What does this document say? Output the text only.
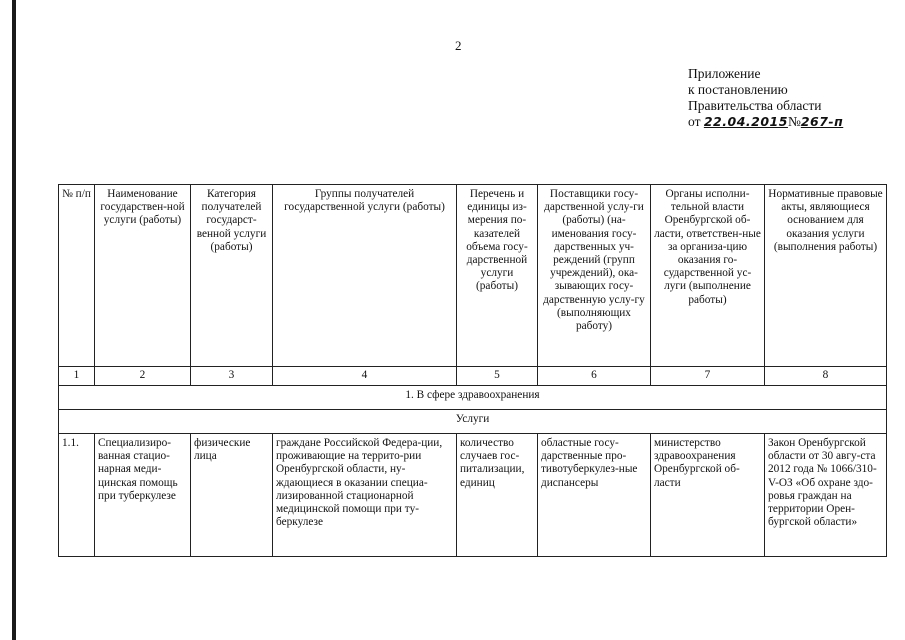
2
Приложение
к постановлению
Правительства области
от 22.04.2015№267-п
№ п/п	Наименование государствен-ной услуги (работы)	Категория получателей государст-венной услуги (работы)	Группы получателей государственной услуги (работы)	Перечень и единицы из-мерения по-казателей объема госу-дарственной услуги (работы)	Поставщики госу-дарственной услу-ги (работы) (на-именования госу-дарственных уч-реждений (групп учреждений), ока-зывающих госу-дарственную услу-гу (выполняющих работу)	Органы исполни-тельной власти Оренбургской об-ласти, ответствен-ные за организа-цию оказания го-сударственной ус-луги (выполнение работы)	Нормативные правовые акты, являющиеся основанием для оказания услуги (выполнения работы)
1	2	3	4	5	6	7	8
1. В сфере здравоохранения							
Услуги							
1.1.	Специализиро-ванная стацио-нарная меди-цинская помощь при туберкулезе	физические лица	граждане Российской Федера-ции, проживающие на террито-рии Оренбургской области, ну-ждающиеся в оказании специа-лизированной стационарной медицинской помощи при ту-беркулезе	количество случаев гос-питализации, единиц	областные госу-дарственные про-тивотуберкулез-ные диспансеры	министерство здравоохранения Оренбургской об-ласти	Закон Оренбургской области от 30 авгу-ста 2012 года № 1066/310-V-ОЗ «Об охране здо-ровья граждан на территории Орен-бургской области»
